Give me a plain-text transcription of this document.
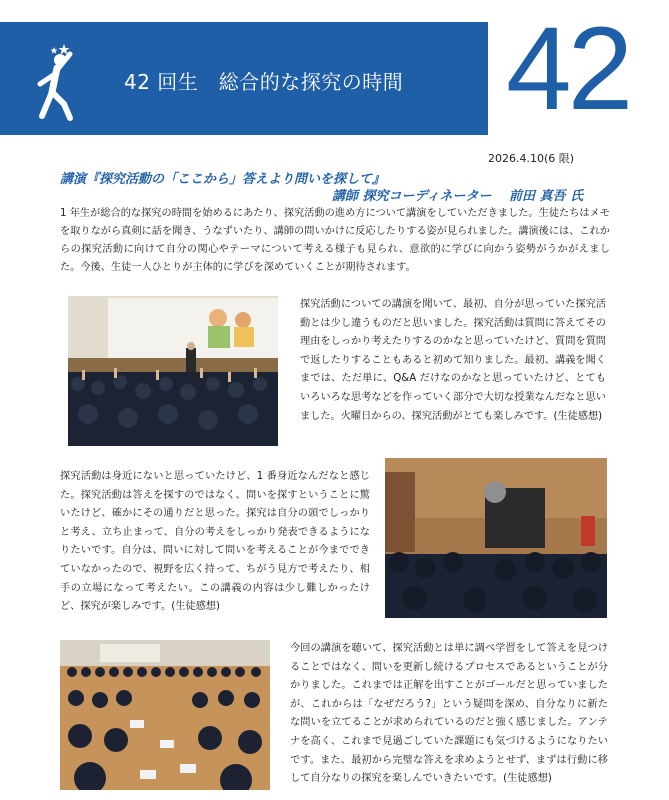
42 回生　総合的な探究の時間 42
2026.4.10(6 限)
講演『探究活動の「ここから」答えより問いを探して』
講師 探究コーディネーター　 前田 真吾 氏
1 年生が総合的な探究の時間を始めるにあたり、探究活動の進め方について講演をしていただきました。生徒たちはメモを取りながら真剣に話を聞き、うなずいたり、講師の問いかけに反応したりする姿が見られました。講演後には、これからの探究活動に向けて自分の関心やテーマについて考える様子も見られ、意欲的に学びに向かう姿勢がうかがえました。今後、生徒一人ひとりが主体的に学びを深めていくことが期待されます。
探究活動についての講演を聞いて、最初、自分が思っていた探究活動とは少し違うものだと思いました。探究活動は質問に答えてその理由をしっかり考えたりするのかなと思っていたけど、質問を質問で返したりすることもあると初めて知りました。最初、講義を聞くまでは、ただ単に、Q&A だけなのかなと思っていたけど、とてもいろいろな思考などを作っていく部分で大切な授業なんだなと思いました。火曜日からの、探究活動がとても楽しみです。(生徒感想)
探究活動は身近にないと思っていたけど、1 番身近なんだなと感じた。探究活動は答えを探すのではなく、問いを探すということに驚いたけど、確かにその通りだと思った。探究は自分の頭でしっかりと考え、立ち止まって、自分の考えをしっかり発表できるようになりたいです。自分は、問いに対して問いを考えることが今までできていなかったので、視野を広く持って、ちがう見方で考えたり、相手の立場になって考えたい。この講義の内容は少し難しかったけど、探究が楽しみです。(生徒感想)
今回の講演を聴いて、探究活動とは単に調べ学習をして答えを見つけることではなく、問いを更新し続けるプロセスであるということが分かりました。これまでは正解を出すことがゴールだと思っていましたが、これからは「なぜだろう?」という疑問を深め、自分なりに新たな問いを立てることが求められているのだと強く感じました。アンテナを高く、これまで見過ごしていた課題にも気づけるようになりたいです。また、最初から完璧な答えを求めようとせず、まずは行動に移して自分なりの探究を楽しんでいきたいです。(生徒感想)
